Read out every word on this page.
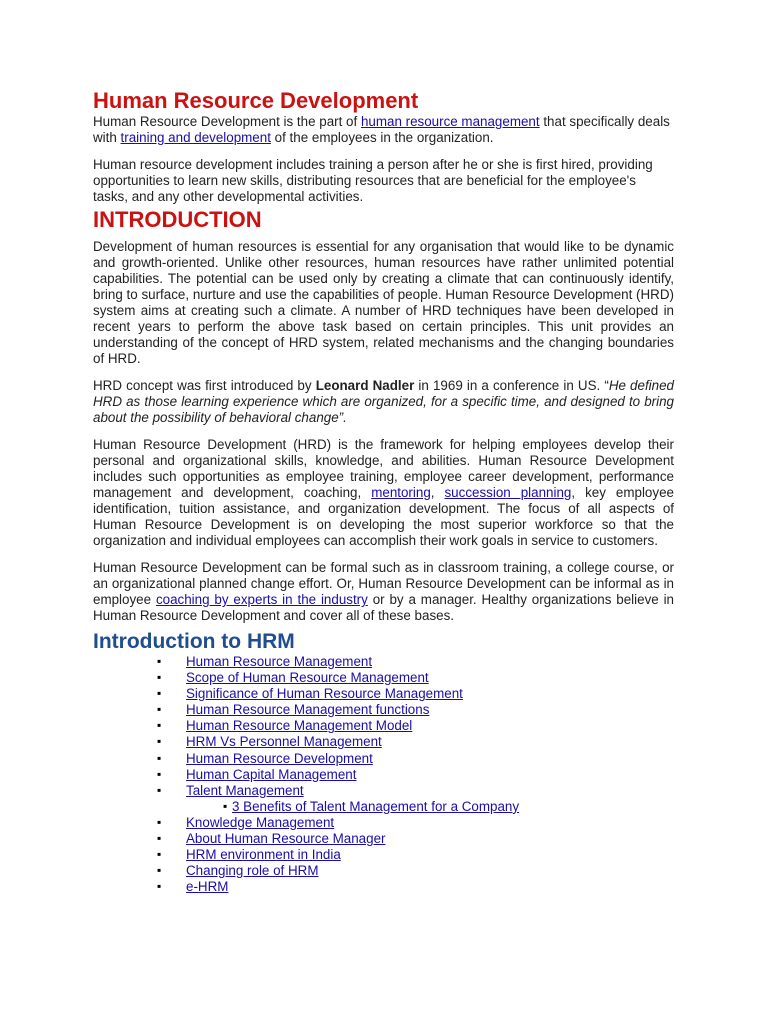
Human Resource Development

Human Resource Development is the part of human resource management that specifically deals with training and development of the employees in the organization.

Human resource development includes training a person after he or she is first hired, providing opportunities to learn new skills, distributing resources that are beneficial for the employee's tasks, and any other developmental activities.

INTRODUCTION

Development of human resources is essential for any organisation that would like to be dynamic and growth-oriented. Unlike other resources, human resources have rather unlimited potential capabilities. The potential can be used only by creating a climate that can continuously identify, bring to surface, nurture and use the capabilities of people. Human Resource Development (HRD) system aims at creating such a climate. A number of HRD techniques have been developed in recent years to perform the above task based on certain principles. This unit provides an understanding of the concept of HRD system, related mechanisms and the changing boundaries of HRD.

HRD concept was first introduced by Leonard Nadler in 1969 in a conference in US. “He defined HRD as those learning experience which are organized, for a specific time, and designed to bring about the possibility of behavioral change”.

Human Resource Development (HRD) is the framework for helping employees develop their personal and organizational skills, knowledge, and abilities. Human Resource Development includes such opportunities as employee training, employee career development, performance management and development, coaching, mentoring, succession planning, key employee identification, tuition assistance, and organization development. The focus of all aspects of Human Resource Development is on developing the most superior workforce so that the organization and individual employees can accomplish their work goals in service to customers.

Human Resource Development can be formal such as in classroom training, a college course, or an organizational planned change effort. Or, Human Resource Development can be informal as in employee coaching by experts in the industry or by a manager. Healthy organizations believe in Human Resource Development and cover all of these bases.

Introduction to HRM
▪ Human Resource Management
▪ Scope of Human Resource Management
▪ Significance of Human Resource Management
▪ Human Resource Management functions
▪ Human Resource Management Model
▪ HRM Vs Personnel Management
▪ Human Resource Development
▪ Human Capital Management
▪ Talent Management
▪ 3 Benefits of Talent Management for a Company
▪ Knowledge Management
▪ About Human Resource Manager
▪ HRM environment in India
▪ Changing role of HRM
▪ e-HRM
